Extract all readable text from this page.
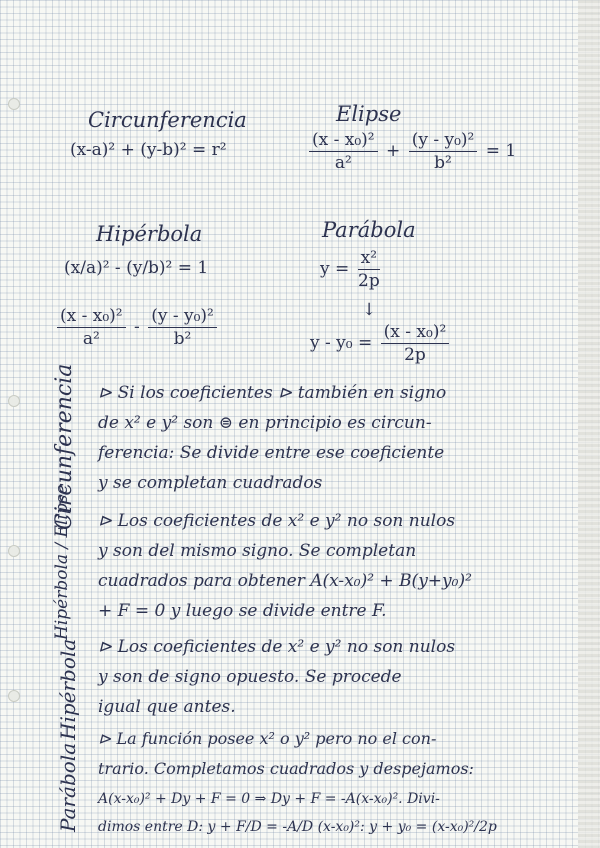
Circunferencia
(x-a)² + (y-b)² = r²
Elipse
$\frac{\text{(x - x₀)²}}{\text{a²}} + \frac{\text{(y - y₀)²}}{\text{b²}} = 1$
Hipérbola
(x/a)² - (y/b)² = 1
$\frac{\text{(x - x₀)²}}{\text{a²}} - \frac{\text{(y - y₀)²}}{\text{b²}}$
Parábola
$y = \frac{\text{x²}}{2p}$
↓
$y - y_0 = \frac{\text{(x - x₀)²}}{2p}$
Circunferencia
Hipérbola / Elipse
Hipérbola
Parábola
⊳ Si los coeficientes ⊳ también en signo
de x² e y² son ⊜ en principio es circun-
ferencia: Se divide entre ese coeficiente
y se completan cuadrados
⊳ Los coeficientes de x² e y² no son nulos
y son del mismo signo. Se completan
cuadrados para obtener A(x-x₀)² + B(y+y₀)²
+ F = 0 y luego se divide entre F.
⊳ Los coeficientes de x² e y² no son nulos
y son de signo opuesto. Se procede
igual que antes.
⊳ La función posee x² o y² pero no el con-
trario. Completamos cuadrados y despejamos:
A(x-x₀)² + Dy + F = 0 ⇒ Dy + F = -A(x-x₀)². Divi-
dimos entre D: y + F/D = -A/D (x-x₀)²: y + y₀ = (x-x₀)²/2p
